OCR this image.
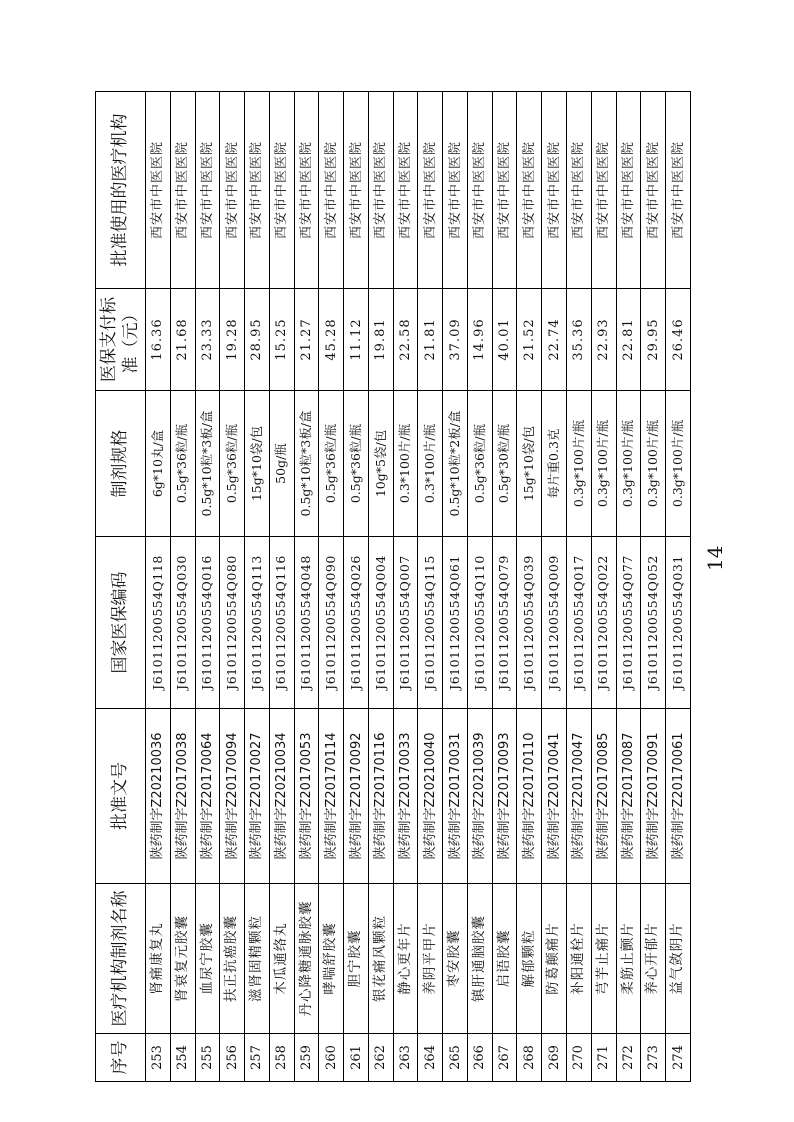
序号	医疗机构制剂名称	批准文号	国家医保编码	制剂规格	医保支付标准（元）	批准使用的医疗机构
253	肾痛康复丸	陕药制字Z20210036	J61011200554Q118	6g*10丸/盒	16.36	西安市中医医院
254	肾衰复元胶囊	陕药制字Z20170038	J61011200554Q030	0.5g*36粒/瓶	21.68	西安市中医医院
255	血尿宁胶囊	陕药制字Z20170064	J61011200554Q016	0.5g*10粒*3板/盒	23.33	西安市中医医院
256	扶正抗癌胶囊	陕药制字Z20170094	J61011200554Q080	0.5g*36粒/瓶	19.28	西安市中医医院
257	滋肾固精颗粒	陕药制字Z20170027	J61011200554Q113	15g*10袋/包	28.95	西安市中医医院
258	木瓜通络丸	陕药制字Z20210034	J61011200554Q116	50g/瓶	15.25	西安市中医医院
259	丹心降糖通脉胶囊	陕药制字Z20170053	J61011200554Q048	0.5g*10粒*3板/盒	21.27	西安市中医医院
260	哮喘舒胶囊	陕药制字Z20170114	J61011200554Q090	0.5g*36粒/瓶	45.28	西安市中医医院
261	胆宁胶囊	陕药制字Z20170092	J61011200554Q026	0.5g*36粒/瓶	11.12	西安市中医医院
262	银花痛风颗粒	陕药制字Z20170116	J61011200554Q004	10g*5袋/包	19.81	西安市中医医院
263	静心更年片	陕药制字Z20170033	J61011200554Q007	0.3*100片/瓶	22.58	西安市中医医院
264	养阴平甲片	陕药制字Z20210040	J61011200554Q115	0.3*100片/瓶	21.81	西安市中医医院
265	枣安胶囊	陕药制字Z20170031	J61011200554Q061	0.5g*10粒*2板/盒	37.09	西安市中医医院
266	镇肝通脑胶囊	陕药制字Z20210039	J61011200554Q110	0.5g*36粒/瓶	14.96	西安市中医医院
267	启语胶囊	陕药制字Z20170093	J61011200554Q079	0.5g*30粒/瓶	40.01	西安市中医医院
268	解郁颗粒	陕药制字Z20170110	J61011200554Q039	15g*10袋/包	21.52	西安市中医医院
269	防葛颠痛片	陕药制字Z20170041	J61011200554Q009	每片重0.3克	22.74	西安市中医医院
270	补阳通栓片	陕药制字Z20170047	J61011200554Q017	0.3g*100片/瓶	35.36	西安市中医医院
271	芎芋止痛片	陕药制字Z20170085	J61011200554Q022	0.3g*100片/瓶	22.93	西安市中医医院
272	柔筋止颤片	陕药制字Z20170087	J61011200554Q077	0.3g*100片/瓶	22.81	西安市中医医院
273	养心开郁片	陕药制字Z20170091	J61011200554Q052	0.3g*100片/瓶	29.95	西安市中医医院
274	益气敛阴片	陕药制字Z20170061	J61011200554Q031	0.3g*100片/瓶	26.46	西安市中医医院
14
